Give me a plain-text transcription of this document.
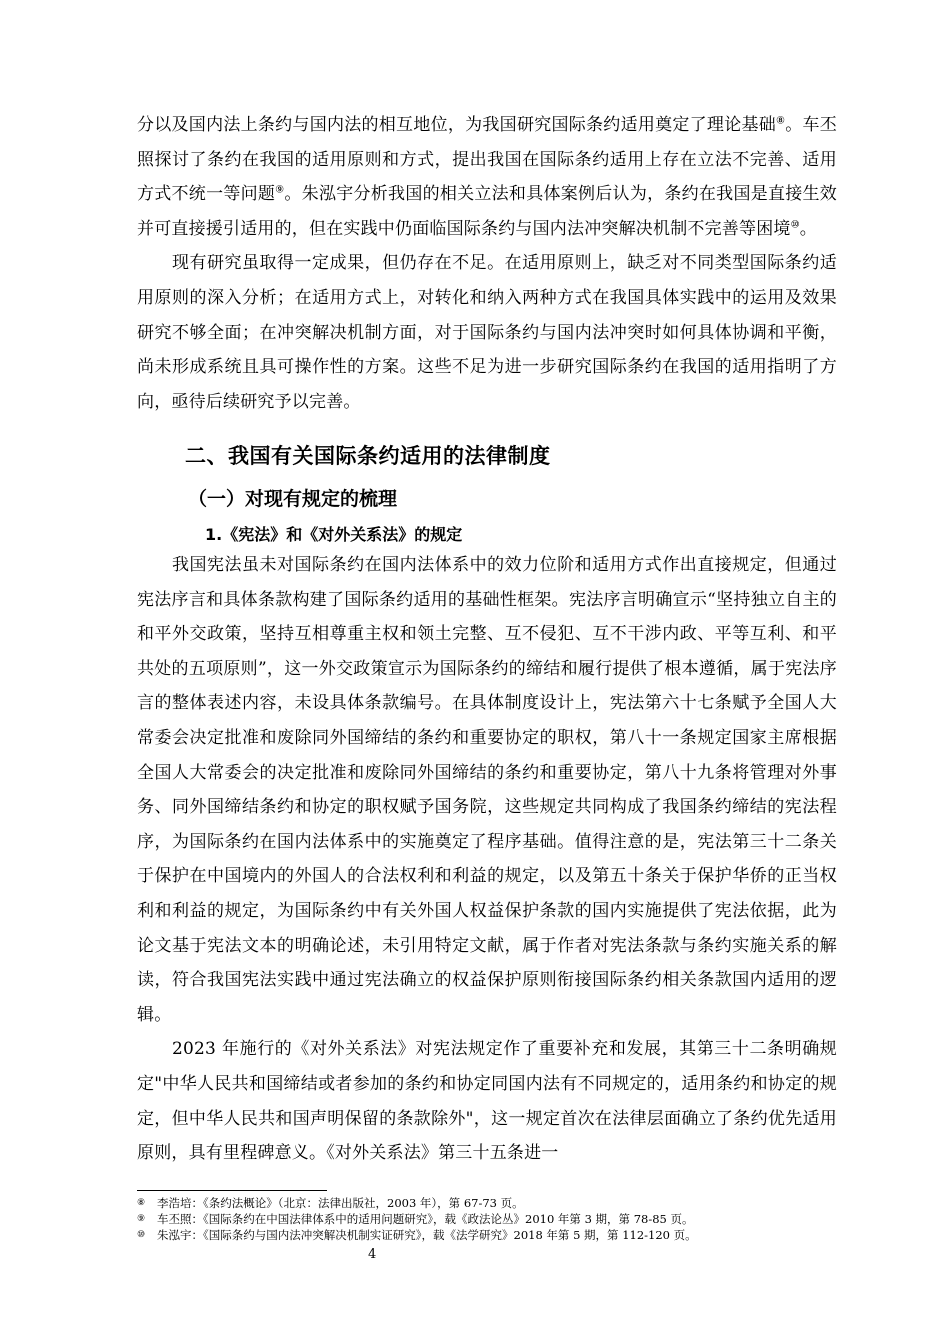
分以及国内法上条约与国内法的相互地位，为我国研究国际条约适用奠定了理论基础⑧。车丕照探讨了条约在我国的适用原则和方式，提出我国在国际条约适用上存在立法不完善、适用方式不统一等问题⑨。朱泓宇分析我国的相关立法和具体案例后认为，条约在我国是直接生效并可直接援引适用的，但在实践中仍面临国际条约与国内法冲突解决机制不完善等困境⑩。

现有研究虽取得一定成果，但仍存在不足。在适用原则上，缺乏对不同类型国际条约适用原则的深入分析；在适用方式上，对转化和纳入两种方式在我国具体实践中的运用及效果研究不够全面；在冲突解决机制方面，对于国际条约与国内法冲突时如何具体协调和平衡，尚未形成系统且具可操作性的方案。这些不足为进一步研究国际条约在我国的适用指明了方向，亟待后续研究予以完善。

二、我国有关国际条约适用的法律制度
（一）对现有规定的梳理
1.《宪法》和《对外关系法》的规定

我国宪法虽未对国际条约在国内法体系中的效力位阶和适用方式作出直接规定，但通过宪法序言和具体条款构建了国际条约适用的基础性框架。宪法序言明确宣示“坚持独立自主的和平外交政策，坚持互相尊重主权和领土完整、互不侵犯、互不干涉内政、平等互利、和平共处的五项原则”，这一外交政策宣示为国际条约的缔结和履行提供了根本遵循，属于宪法序言的整体表述内容，未设具体条款编号。在具体制度设计上，宪法第六十七条赋予全国人大常委会决定批准和废除同外国缔结的条约和重要协定的职权，第八十一条规定国家主席根据全国人大常委会的决定批准和废除同外国缔结的条约和重要协定，第八十九条将管理对外事务、同外国缔结条约和协定的职权赋予国务院，这些规定共同构成了我国条约缔结的宪法程序，为国际条约在国内法体系中的实施奠定了程序基础。值得注意的是，宪法第三十二条关于保护在中国境内的外国人的合法权利和利益的规定，以及第五十条关于保护华侨的正当权利和利益的规定，为国际条约中有关外国人权益保护条款的国内实施提供了宪法依据，此为论文基于宪法文本的明确论述，未引用特定文献，属于作者对宪法条款与条约实施关系的解读，符合我国宪法实践中通过宪法确立的权益保护原则衔接国际条约相关条款国内适用的逻辑。

2023 年施行的《对外关系法》对宪法规定作了重要补充和发展，其第三十二条明确规定"中华人民共和国缔结或者参加的条约和协定同国内法有不同规定的，适用条约和协定的规定，但中华人民共和国声明保留的条款除外"，这一规定首次在法律层面确立了条约优先适用原则，具有里程碑意义。《对外关系法》第三十五条进一

⑧	李浩培：《条约法概论》（北京：法律出版社，2003 年），第 67-73 页。
⑨	车丕照：《国际条约在中国法律体系中的适用问题研究》，载《政法论丛》2010 年第 3 期，第 78-85 页。
⑩	朱泓宇：《国际条约与国内法冲突解决机制实证研究》，载《法学研究》2018 年第 5 期，第 112-120 页。
4
